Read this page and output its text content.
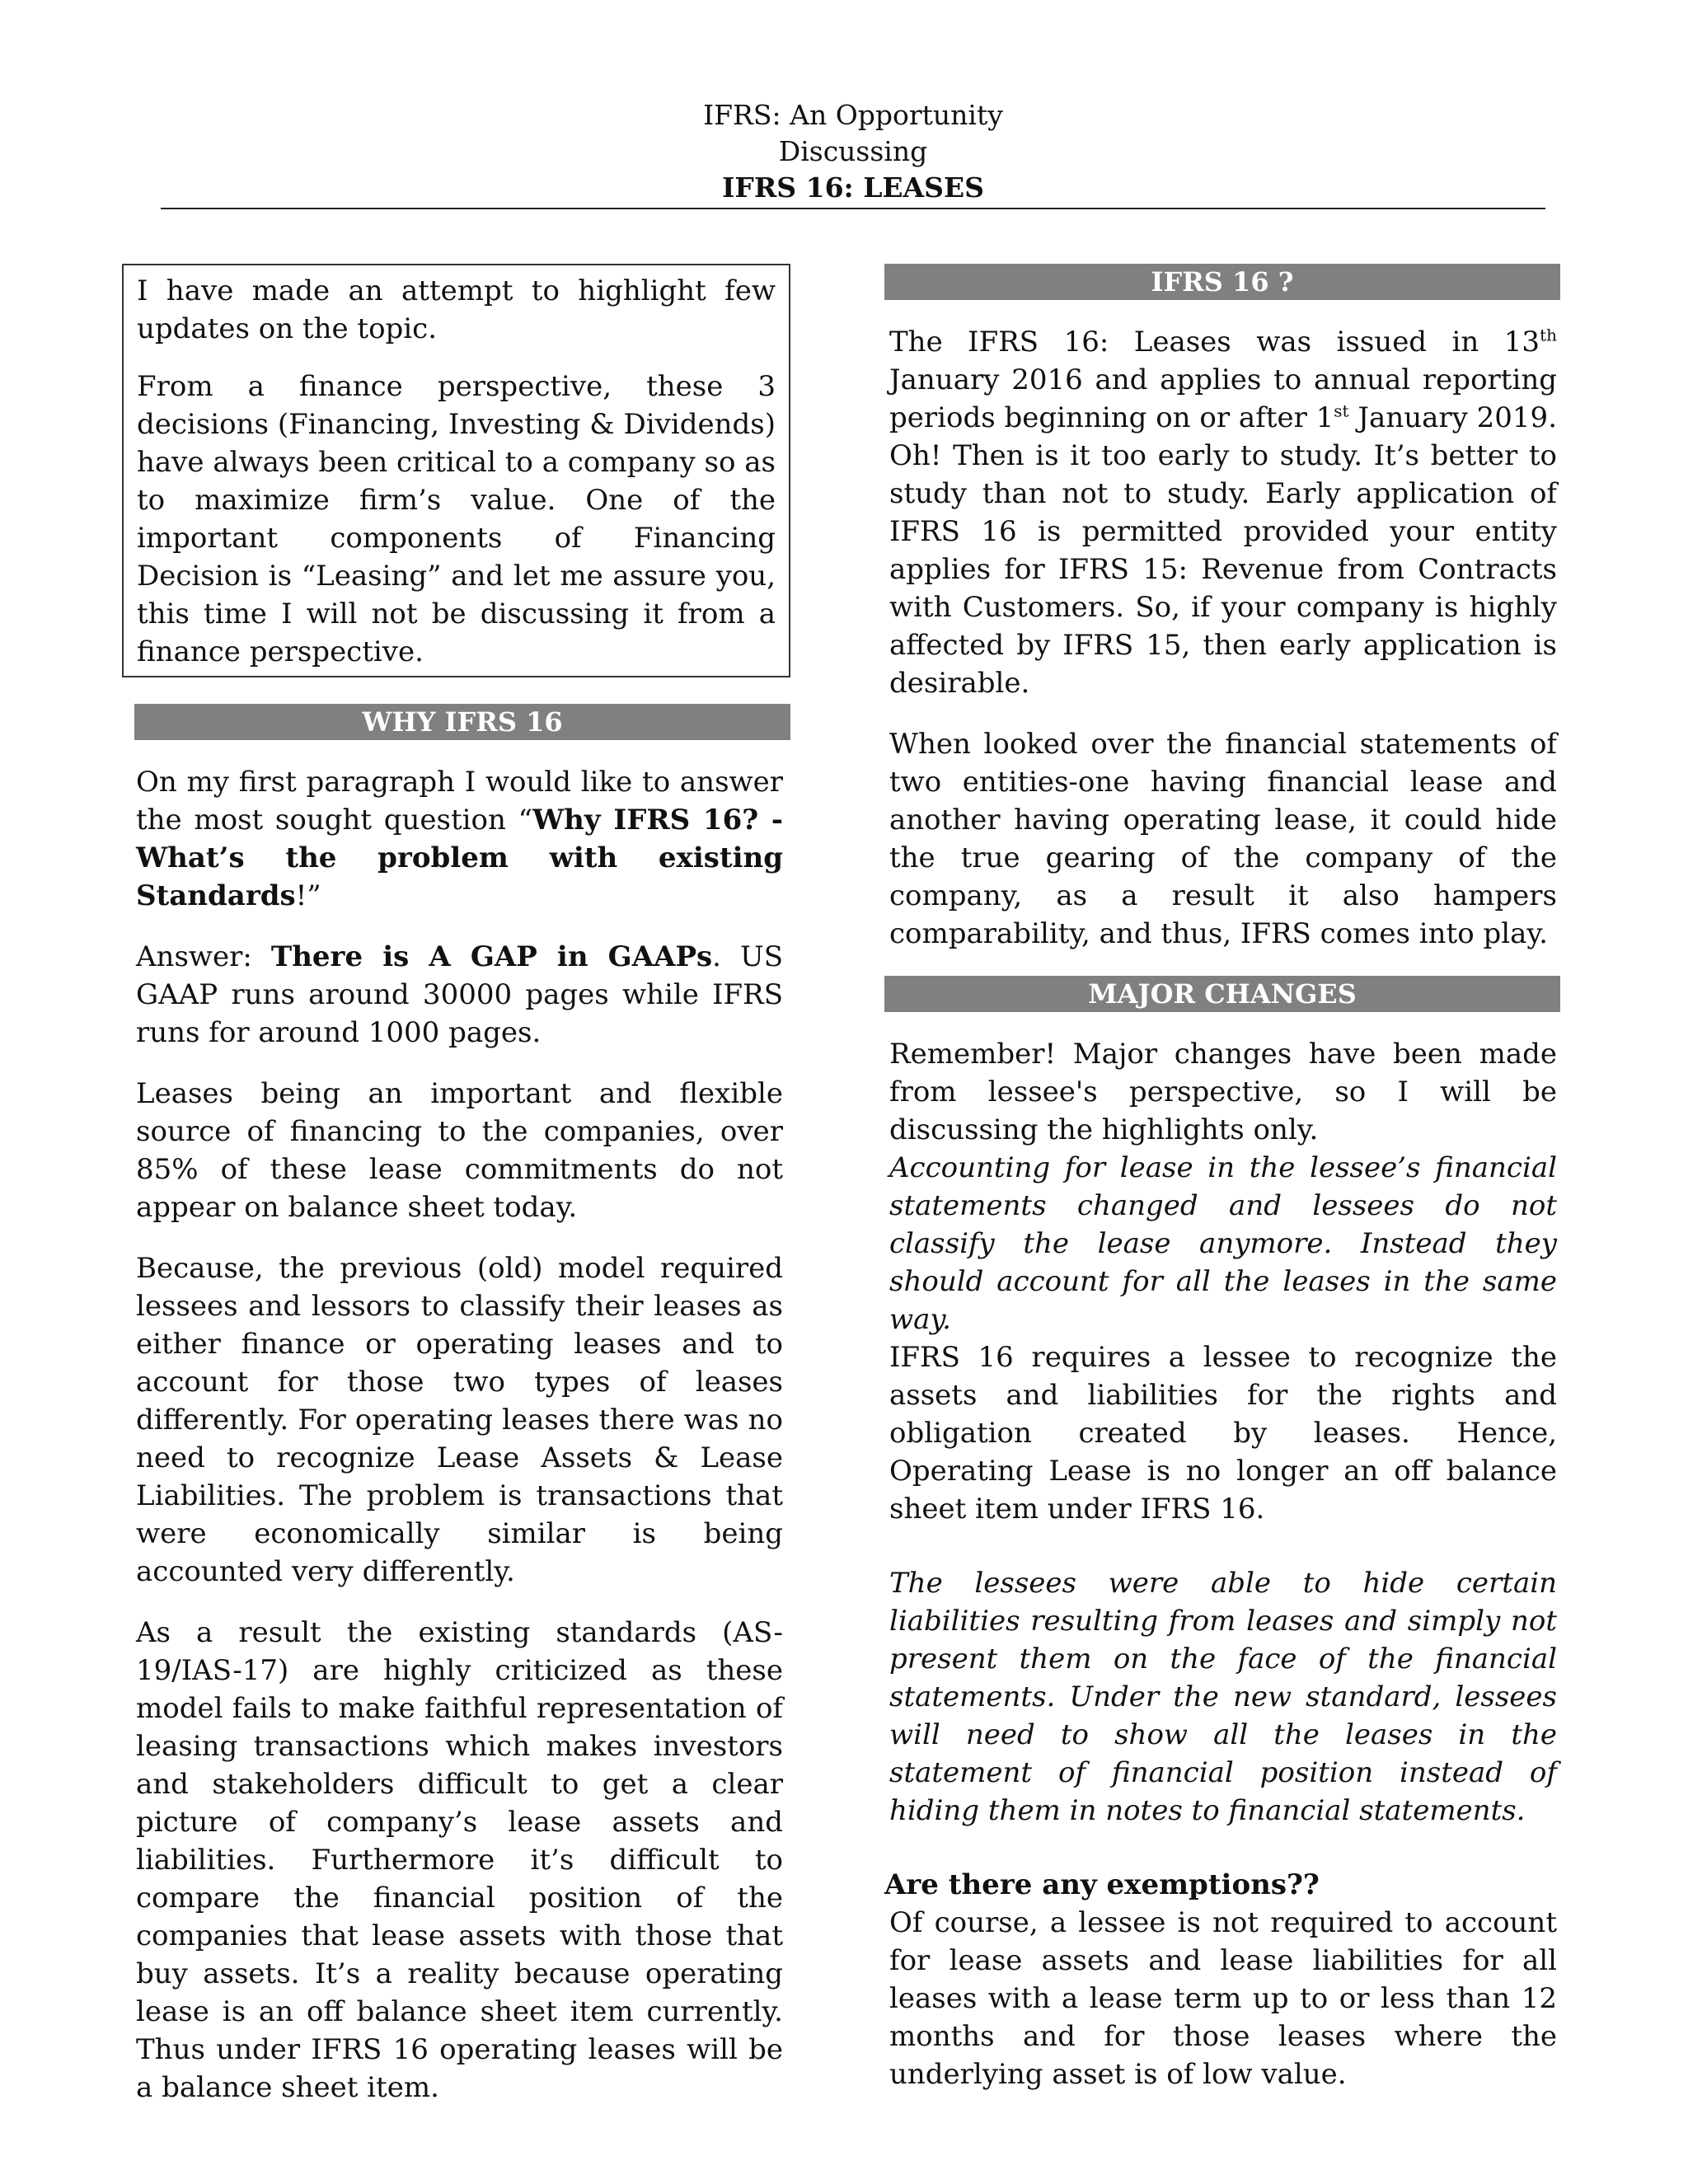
IFRS: An Opportunity
Discussing
IFRS 16: LEASES

I have made an attempt to highlight few updates on the topic.

From a finance perspective, these 3 decisions (Financing, Investing & Dividends) have always been critical to a company so as to maximize firm’s value. One of the important components of Financing Decision is “Leasing” and let me assure you, this time I will not be discussing it from a finance perspective.

WHY IFRS 16

On my first paragraph I would like to answer the most sought question “Why IFRS 16? - What’s the problem with existing Standards!”

Answer: There is A GAP in GAAPs. US GAAP runs around 30000 pages while IFRS runs for around 1000 pages.

Leases being an important and flexible source of financing to the companies, over 85% of these lease commitments do not appear on balance sheet today.

Because, the previous (old) model required lessees and lessors to classify their leases as either finance or operating leases and to account for those two types of leases differently. For operating leases there was no need to recognize Lease Assets & Lease Liabilities. The problem is transactions that were economically similar is being accounted very differently.

As a result the existing standards (AS-19/IAS-17) are highly criticized as these model fails to make faithful representation of leasing transactions which makes investors and stakeholders difficult to get a clear picture of company’s lease assets and liabilities. Furthermore it’s difficult to compare the financial position of the companies that lease assets with those that buy assets. It’s a reality because operating lease is an off balance sheet item currently. Thus under IFRS 16 operating leases will be a balance sheet item.

IFRS 16 ?

The IFRS 16: Leases was issued in 13th January 2016 and applies to annual reporting periods beginning on or after 1st January 2019. Oh! Then is it too early to study. It’s better to study than not to study. Early application of IFRS 16 is permitted provided your entity applies for IFRS 15: Revenue from Contracts with Customers. So, if your company is highly affected by IFRS 15, then early application is desirable.

When looked over the financial statements of two entities-one having financial lease and another having operating lease, it could hide the true gearing of the company of the company, as a result it also hampers comparability, and thus, IFRS comes into play.

MAJOR CHANGES

Remember! Major changes have been made from lessee's perspective, so I will be discussing the highlights only.

Accounting for lease in the lessee’s financial statements changed and lessees do not classify the lease anymore. Instead they should account for all the leases in the same way.

IFRS 16 requires a lessee to recognize the assets and liabilities for the rights and obligation created by leases. Hence, Operating Lease is no longer an off balance sheet item under IFRS 16.

The lessees were able to hide certain liabilities resulting from leases and simply not present them on the face of the financial statements. Under the new standard, lessees will need to show all the leases in the statement of financial position instead of hiding them in notes to financial statements.

Are there any exemptions??

Of course, a lessee is not required to account for lease assets and lease liabilities for all leases with a lease term up to or less than 12 months and for those leases where the underlying asset is of low value.
